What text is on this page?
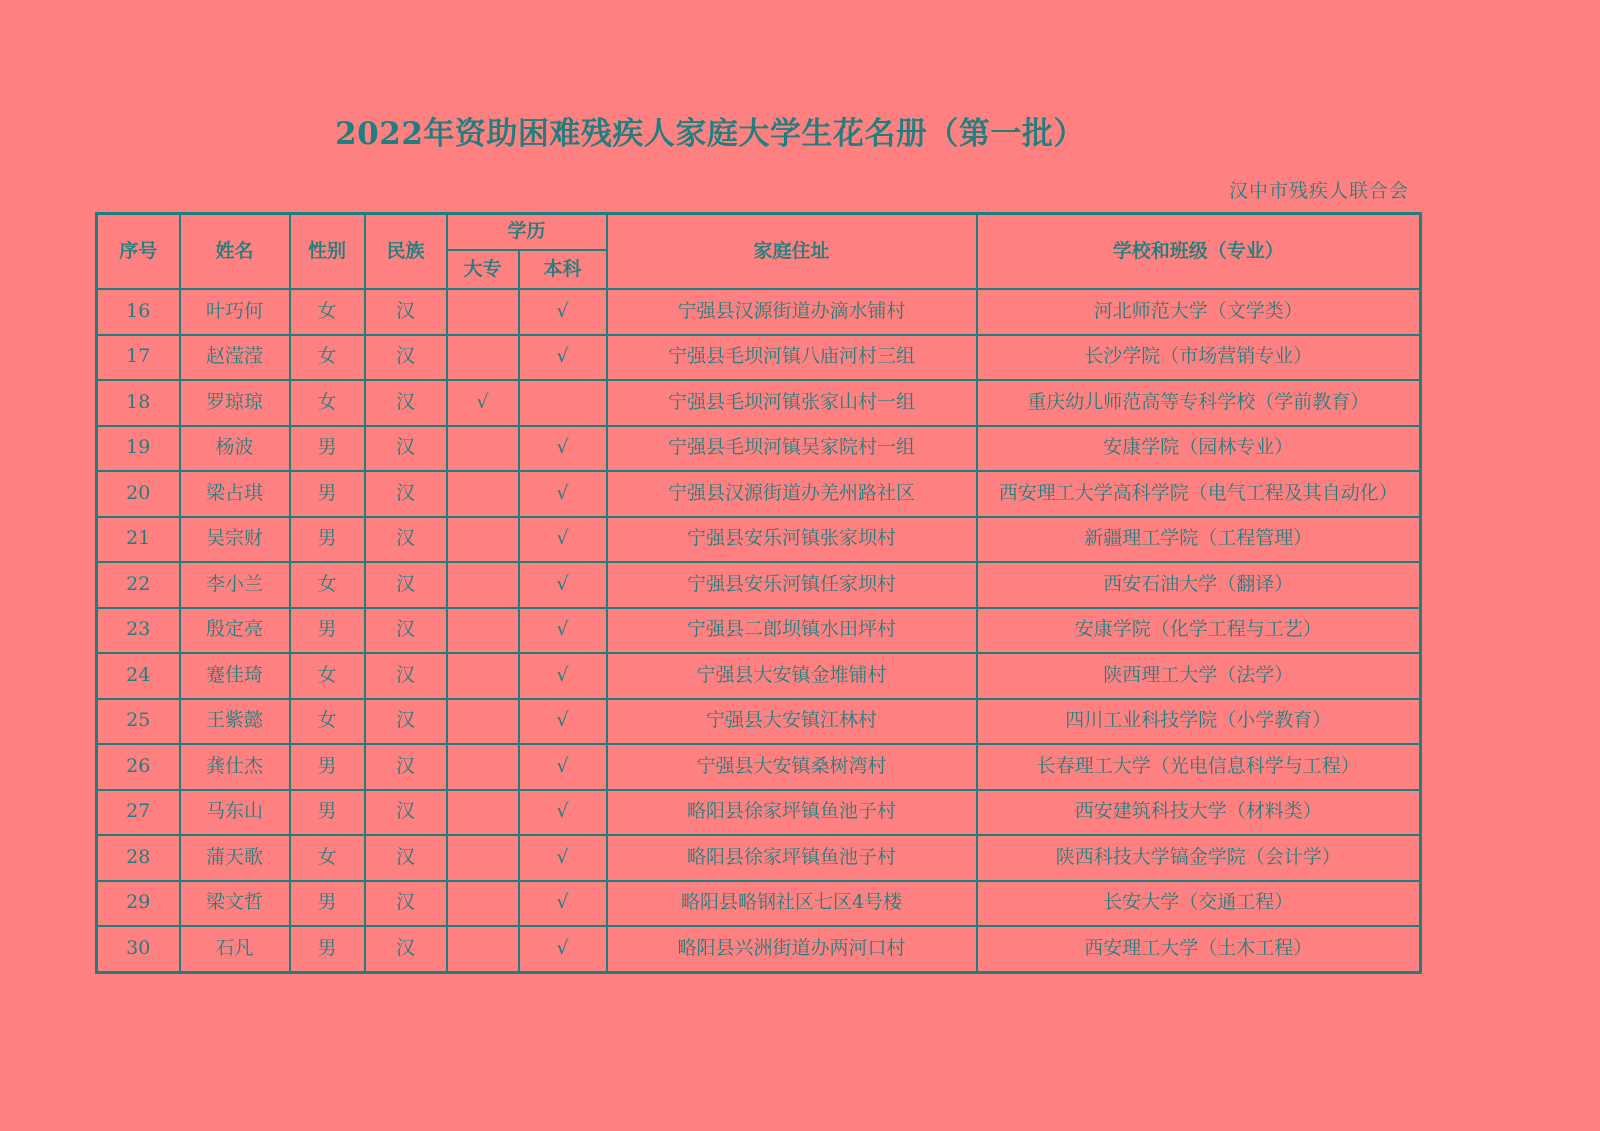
2022年资助困难残疾人家庭大学生花名册（第一批）
汉中市残疾人联合会
序号	姓名	性别	民族	学历		家庭住址	学校和班级（专业）
				大专	本科		
16	叶巧何	女	汉		√	宁强县汉源街道办滴水铺村	河北师范大学（文学类）
17	赵滢滢	女	汉		√	宁强县毛坝河镇八庙河村三组	长沙学院（市场营销专业）
18	罗琼琼	女	汉	√		宁强县毛坝河镇张家山村一组	重庆幼儿师范高等专科学校（学前教育）
19	杨波	男	汉		√	宁强县毛坝河镇吴家院村一组	安康学院（园林专业）
20	梁占琪	男	汉		√	宁强县汉源街道办羌州路社区	西安理工大学高科学院（电气工程及其自动化）
21	吴宗财	男	汉		√	宁强县安乐河镇张家坝村	新疆理工学院（工程管理）
22	李小兰	女	汉		√	宁强县安乐河镇任家坝村	西安石油大学（翻译）
23	殷定亮	男	汉		√	宁强县二郎坝镇水田坪村	安康学院（化学工程与工艺）
24	蹇佳琦	女	汉		√	宁强县大安镇金堆铺村	陕西理工大学（法学）
25	王紫懿	女	汉		√	宁强县大安镇江林村	四川工业科技学院（小学教育）
26	龚仕杰	男	汉		√	宁强县大安镇桑树湾村	长春理工大学（光电信息科学与工程）
27	马东山	男	汉		√	略阳县徐家坪镇鱼池子村	西安建筑科技大学（材料类）
28	蒲天歌	女	汉		√	略阳县徐家坪镇鱼池子村	陕西科技大学镐金学院（会计学）
29	梁文哲	男	汉		√	略阳县略钢社区七区4号楼	长安大学（交通工程）
30	石凡	男	汉		√	略阳县兴洲街道办两河口村	西安理工大学（土木工程）
